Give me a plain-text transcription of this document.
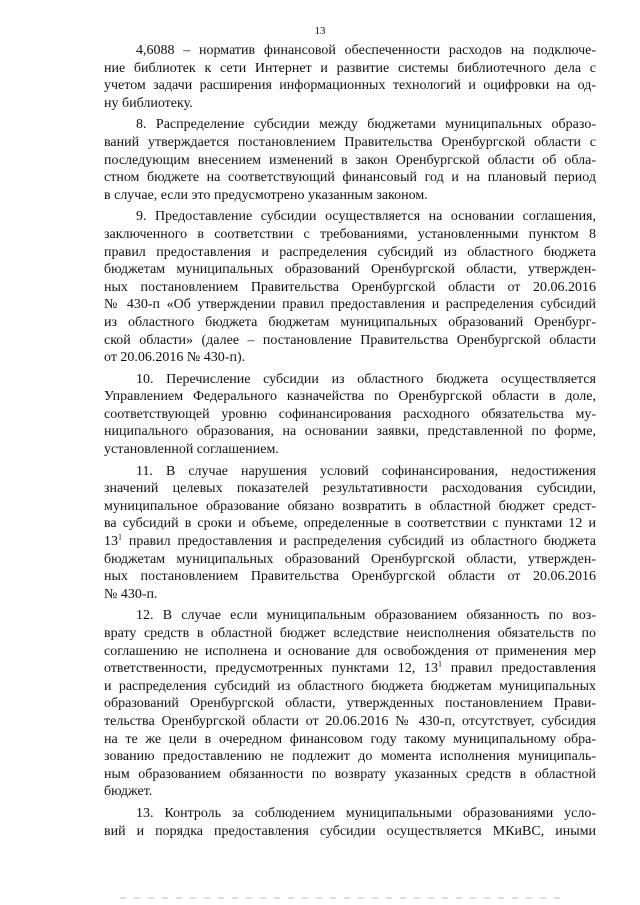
13

4,6088 – норматив финансовой обеспеченности расходов на подключе-
ние библиотек к сети Интернет и развитие системы библиотечного дела с
учетом задачи расширения информационных технологий и оцифровки на од-
ну библиотеку.

8. Распределение субсидии между бюджетами муниципальных образо-
ваний утверждается постановлением Правительства Оренбургской области с
последующим внесением изменений в закон Оренбургской области об обла-
стном бюджете на соответствующий финансовый год и на плановый период
в случае, если это предусмотрено указанным законом.

9. Предоставление субсидии осуществляется на основании соглашения,
заключенного в соответствии с требованиями, установленными пунктом 8
правил предоставления и распределения субсидий из областного бюджета
бюджетам муниципальных образований Оренбургской области, утвержден-
ных постановлением Правительства Оренбургской области от 20.06.2016
№ 430-п «Об утверждении правил предоставления и распределения субсидий
из областного бюджета бюджетам муниципальных образований Оренбург-
ской области» (далее – постановление Правительства Оренбургской области
от 20.06.2016 № 430-п).

10. Перечисление субсидии из областного бюджета осуществляется
Управлением Федерального казначейства по Оренбургской области в доле,
соответствующей уровню софинансирования расходного обязательства му-
ниципального образования, на основании заявки, представленной по форме,
установленной соглашением.

11. В случае нарушения условий софинансирования, недостижения
значений целевых показателей результативности расходования субсидии,
муниципальное образование обязано возвратить в областной бюджет средст-
ва субсидий в сроки и объеме, определенные в соответствии с пунктами 12 и
$13^1$ правил предоставления и распределения субсидий из областного бюджета
бюджетам муниципальных образований Оренбургской области, утвержден-
ных постановлением Правительства Оренбургской области от 20.06.2016
№ 430-п.

12. В случае если муниципальным образованием обязанность по воз-
врату средств в областной бюджет вследствие неисполнения обязательств по
соглашению не исполнена и основание для освобождения от применения мер
ответственности, предусмотренных пунктами 12, $13^1$ правил предоставления
и распределения субсидий из областного бюджета бюджетам муниципальных
образований Оренбургской области, утвержденных постановлением Прави-
тельства Оренбургской области от 20.06.2016 № 430-п, отсутствует, субсидия
на те же цели в очередном финансовом году такому муниципальному обра-
зованию предоставлению не подлежит до момента исполнения муниципаль-
ным образованием обязанности по возврату указанных средств в областной
бюджет.

13. Контроль за соблюдением муниципальными образованиями усло-
вий и порядка предоставления субсидии осуществляется МКиВС, иными
